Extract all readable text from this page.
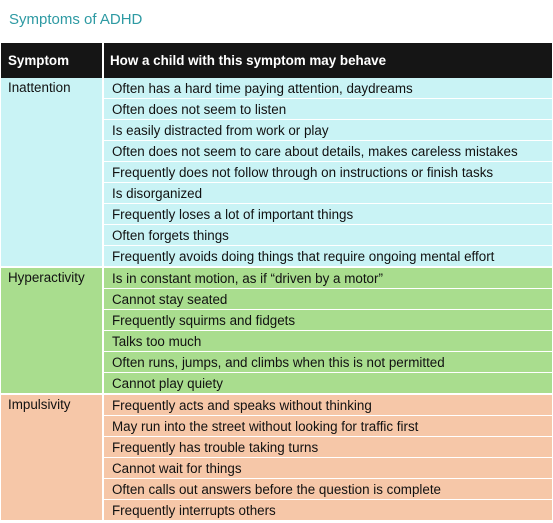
Symptoms of ADHD
Symptom	How a child with this symptom may behave
Inattention	Often has a hard time paying attention, daydreams
	Often does not seem to listen
	Is easily distracted from work or play
	Often does not seem to care about details, makes careless mistakes
	Frequently does not follow through on instructions or finish tasks
	Is disorganized
	Frequently loses a lot of important things
	Often forgets things
	Frequently avoids doing things that require ongoing mental effort
Hyperactivity	Is in constant motion, as if “driven by a motor”
	Cannot stay seated
	Frequently squirms and fidgets
	Talks too much
	Often runs, jumps, and climbs when this is not permitted
	Cannot play quiety
Impulsivity	Frequently acts and speaks without thinking
	May run into the street without looking for traffic first
	Frequently has trouble taking turns
	Cannot wait for things
	Often calls out answers before the question is complete
	Frequently interrupts others
